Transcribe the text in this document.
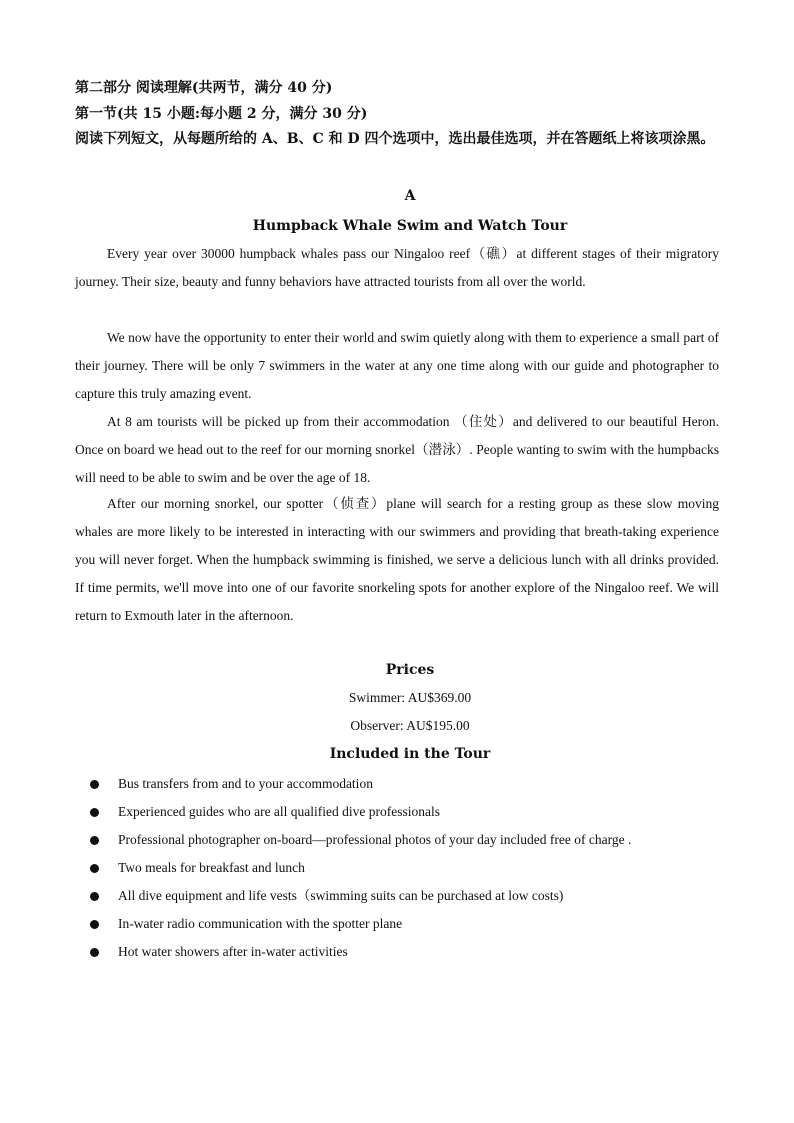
第二部分 阅读理解(共两节，满分 40 分)
第一节(共 15 小题:每小题 2 分，满分 30 分)
阅读下列短文，从每题所给的 A、B、C 和 D 四个选项中，选出最佳选项，并在答题纸上将该项涂黑。
A
Humpback Whale Swim and Watch Tour
Every year over 30000 humpback whales pass our Ningaloo reef（礁）at different stages of their migratory journey. Their size, beauty and funny behaviors have attracted tourists from all over the world.
We now have the opportunity to enter their world and swim quietly along with them to experience a small part of their journey. There will be only 7 swimmers in the water at any one time along with our guide and photographer to capture this truly amazing event.
At 8 am tourists will be picked up from their accommodation （住处）and delivered to our beautiful Heron. Once on board we head out to the reef for our morning snorkel（潜泳）. People wanting to swim with the humpbacks will need to be able to swim and be over the age of 18.
After our morning snorkel, our spotter（侦查）plane will search for a resting group as these slow moving whales are more likely to be interested in interacting with our swimmers and providing that breath-taking experience you will never forget. When the humpback swimming is finished, we serve a delicious lunch with all drinks provided. If time permits, we'll move into one of our favorite snorkeling spots for another explore of the Ningaloo reef. We will return to Exmouth later in the afternoon.
Prices
Swimmer: AU$369.00
Observer: AU$195.00
Included in the Tour
Bus transfers from and to your accommodation
Experienced guides who are all qualified dive professionals
Professional photographer on-board—professional photos of your day included free of charge .
Two meals for breakfast and lunch
All dive equipment and life vests（swimming suits can be purchased at low costs)
In-water radio communication with the spotter plane
Hot water showers after in-water activities
